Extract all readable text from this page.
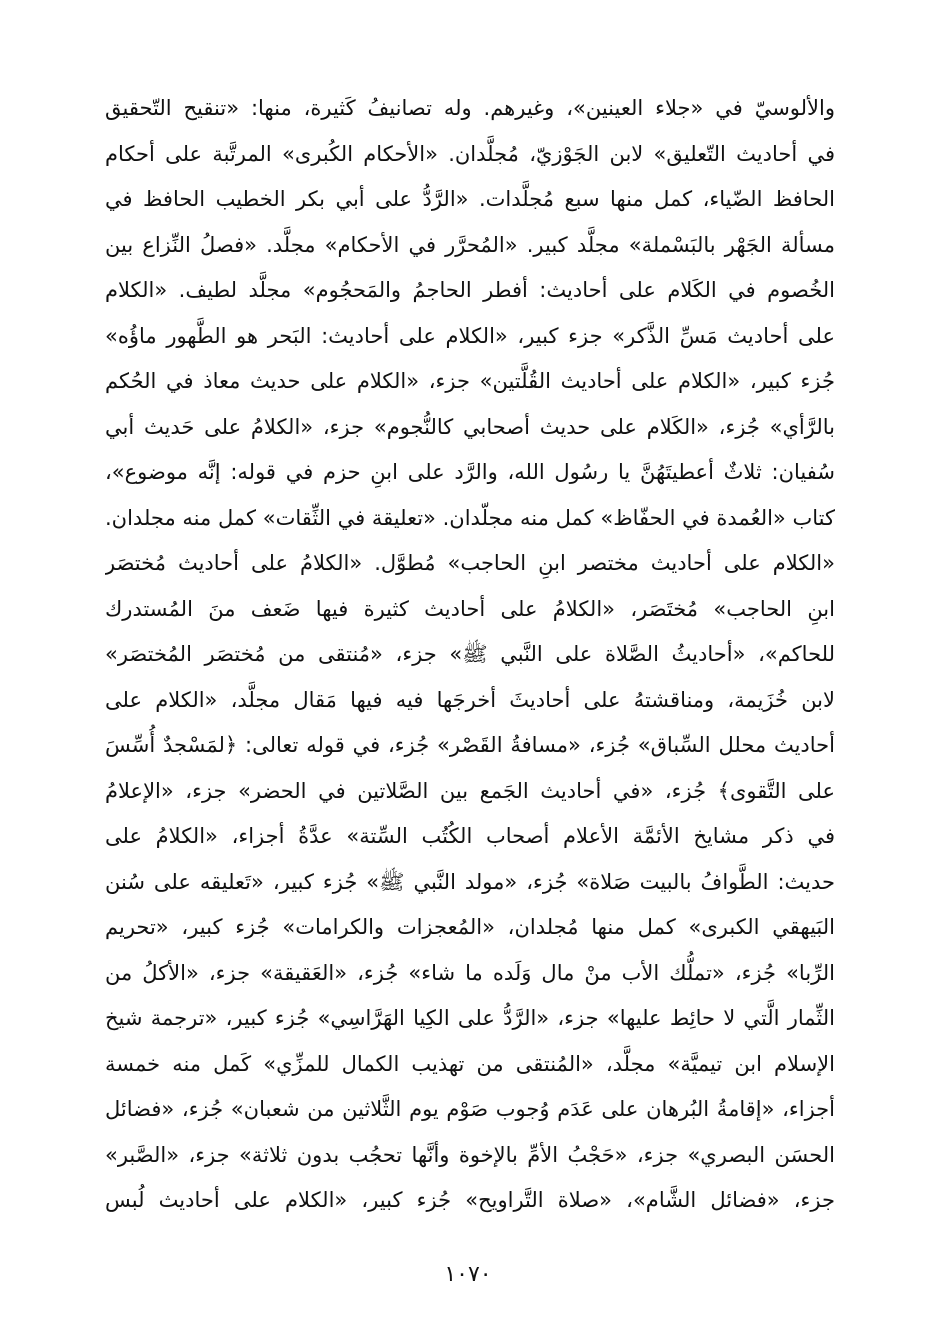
والألوسيّ في «جلاء العينين»، وغيرهم. وله تصانيفُ كَثيرة، منها: «تنقيح التّحقيق
في أحاديث التّعليق» لابن الجَوْزيّ، مُجلَّدان. «الأحكام الكُبرى» المرتَّبة على أحكام
الحافظ الضّياء، كمل منها سبع مُجلَّدات. «الرَّدُّ على أبي بكر الخطيب الحافظ في
مسألة الجَهْر بالبَسْملة» مجلَّد كبير. «المُحرَّر في الأحكام» مجلَّد. «فصلُ النِّزاع بين
الخُصوم في الكَلام على أحاديث: أفطر الحاجمُ والمَحجُوم» مجلَّد لطيف. «الكلام
على أحاديث مَسِّ الذَّكر» جزء كبير، «الكلام على أحاديث: البَحر هو الطَّهور ماؤُه»
جُزء كبير، «الكلام على أحاديث القُلَّتين» جزء، «الكلام على حديث معاذ في الحُكم
بالرَّأي» جُزء، «الكَلام على حديث أصحابي كالنُّجوم» جزء، «الكلامُ على حَديث أبي
سُفيان: ثلاثٌ أعطيتَهُنَّ يا رسُول الله، والرَّد على ابنِ حزم في قوله: إنَّه موضوع»،
كتاب «العُمدة في الحفّاظ» كمل منه مجلّدان. «تعليقة في الثِّقات» كمل منه مجلدان.
«الكلام على أحاديث مختصر ابنِ الحاجب» مُطوَّل. «الكلامُ على أحاديث مُختصَر
ابنِ الحاجب» مُختَصَر، «الكلامُ على أحاديث كثيرة فيها ضَعف منَ المُستدرك
للحاكم»، «أحاديثُ الصَّلاة على النَّبي ﷺ» جزء، «مُنتقى من مُختصَر المُختصَر»
لابن خُزَيمة، ومناقشتهُ على أحاديثَ أخرجَها فيه فيها مَقال مجلَّد، «الكلام على
أحاديث محلل السِّباق» جُزء، «مسافةُ القَصْر» جُزء، في قوله تعالى: ﴿لمَسْجدٌ أُسِّسَ
على التَّقوى﴾ جُزء، «في أحاديث الجَمع بين الصَّلاتين في الحضر» جزء، «الإعلامُ
في ذكر مشايخ الأئمَّة الأعلام أصحاب الكُتُب السِّتة» عدَّةُ أجزاء، «الكلامُ على
حديث: الطَّوافُ بالبيت صَلاة» جُزء، «مولد النَّبي ﷺ» جُزء كبير، «تَعليقه على سُنن
البَيهقي الكبرى» كمل منها مُجلدان، «المُعجزات والكرامات» جُزء كبير، «تحريم
الرِّبا» جُزء، «تملُّك الأب منْ مال وَلَده ما شاء» جُزء، «العَقيقة» جزء، «الأكلُ من
الثِّمار الَّتي لا حائِط عليها» جزء، «الرَّدُّ على الكِيا الهَرَّاسِي» جُزء كبير، «ترجمة شيخ
الإسلام ابن تيميَّة» مجلَّد، «المُنتقى من تهذيب الكمال للمزِّي» كَمل منه خمسة
أجزاء، «إقامةُ البُرهان على عَدَم وُجوب صَوْم يوم الثَّلاثين من شعبان» جُزء، «فضائل
الحسَن البصري» جزء، «حَجْبُ الأمِّ بالإخوة وأنَّها تحجُب بدون ثلاثة» جزء، «الصَّبر»
جزء، «فضائل الشَّام»، «صلاة التَّراويح» جُزء كبير، «الكلام على أحاديث لُبس
١٠٧٠
